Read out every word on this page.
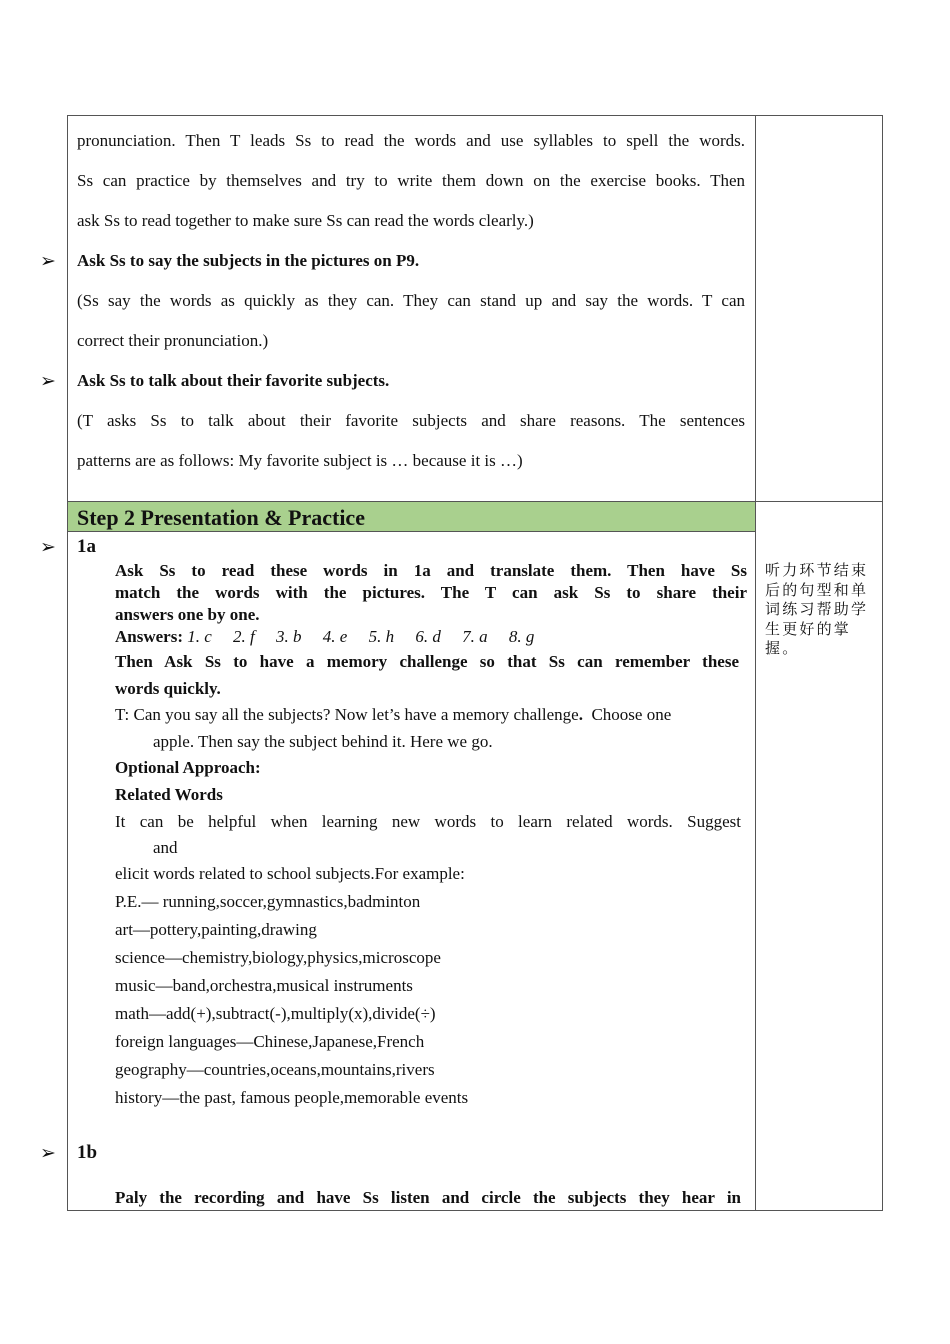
pronunciation. Then T leads Ss to read the words and use syllables to spell the words.
Ss can practice by themselves and try to write them down on the exercise books. Then
ask Ss to read together to make sure Ss can read the words clearly.)
➢ Ask Ss to say the subjects in the pictures on P9.
(Ss say the words as quickly as they can. They can stand up and say the words. T can
correct their pronunciation.)
➢ Ask Ss to talk about their favorite subjects.
(T asks Ss to talk about their favorite subjects and share reasons. The sentences
patterns are as follows: My favorite subject is … because it is …)
Step 2 Presentation & Practice
➢ 1a
Ask Ss to read these words in 1a and translate them. Then have Ss
match the words with the pictures. The T can ask Ss to share their
answers one by one.
Answers: 1. c     2. f     3. b     4. e     5. h     6. d     7. a     8. g
Then Ask Ss to have a memory challenge so that Ss can remember these
words quickly.
T: Can you say all the subjects? Now let’s have a memory challenge.  Choose one
apple. Then say the subject behind it. Here we go.
Optional Approach:
Related Words
It can be helpful when learning new words to learn related words. Suggest
and
elicit words related to school subjects.For example:
P.E.— running,soccer,gymnastics,badminton
art—pottery,painting,drawing
science—chemistry,biology,physics,microscope
music—band,orchestra,musical instruments
math—add(+),subtract(-),multiply(x),divide(÷)
foreign languages—Chinese,Japanese,French
geography—countries,oceans,mountains,rivers
history—the past, famous people,memorable events
➢ 1b
Paly the recording and have Ss listen and circle the subjects they hear in
听力环节结束后的句型和单词练习帮助学生更好的掌握。
